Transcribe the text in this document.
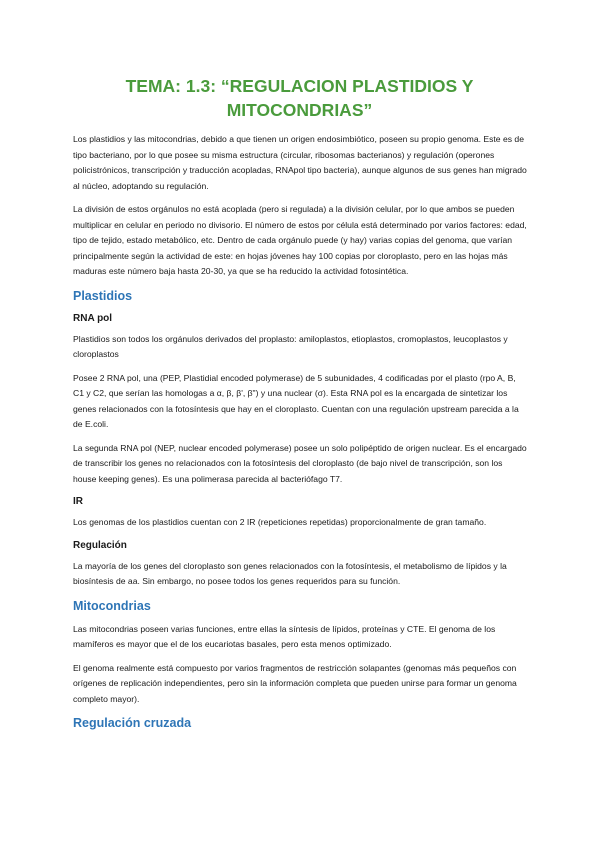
TEMA: 1.3: “REGULACION PLASTIDIOS Y MITOCONDRIAS”

Los plastidios y las mitocondrias, debido a que tienen un origen endosimbiótico, poseen su propio genoma. Este es de tipo bacteriano, por lo que posee su misma estructura (circular, ribosomas bacterianos) y regulación (operones policistrónicos, transcripción y traducción acopladas, RNApol tipo bacteria), aunque algunos de sus genes han migrado al núcleo, adoptando su regulación.

La división de estos orgánulos no está acoplada (pero si regulada) a la división celular, por lo que ambos se pueden multiplicar en celular en periodo no divisorio. El número de estos por célula está determinado por varios factores: edad, tipo de tejido, estado metabólico, etc. Dentro de cada orgánulo puede (y hay) varias copias del genoma, que varían principalmente según la actividad de este: en hojas jóvenes hay 100 copias por cloroplasto, pero en las hojas más maduras este número baja hasta 20-30, ya que se ha reducido la actividad fotosintética.

Plastidios
RNA pol

Plastidios son todos los orgánulos derivados del proplasto: amiloplastos, etioplastos, cromoplastos, leucoplastos y cloroplastos

Posee 2 RNA pol, una (PEP, Plastidial encoded polymerase) de 5 subunidades, 4 codificadas por el plasto (rpo A, B, C1 y C2, que serían las homologas a α, β, β', β") y una nuclear (σ). Esta RNA pol es la encargada de sintetizar los genes relacionados con la fotosíntesis que hay en el cloroplasto. Cuentan con una regulación upstream parecida a la de E.coli.

La segunda RNA pol (NEP, nuclear encoded polymerase) posee un solo polipéptido de origen nuclear. Es el encargado de transcribir los genes no relacionados con la fotosíntesis del cloroplasto (de bajo nivel de transcripción, son los house keeping genes). Es una polimerasa parecida al bacteriófago T7.

IR

Los genomas de los plastidios cuentan con 2 IR (repeticiones repetidas) proporcionalmente de gran tamaño.

Regulación

La mayoría de los genes del cloroplasto son genes relacionados con la fotosíntesis, el metabolismo de lípidos y la biosíntesis de aa. Sin embargo, no posee todos los genes requeridos para su función.

Mitocondrias

Las mitocondrias poseen varias funciones, entre ellas la síntesis de lípidos, proteínas y CTE. El genoma de los mamíferos es mayor que el de los eucariotas basales, pero esta menos optimizado.

El genoma realmente está compuesto por varios fragmentos de restricción solapantes (genomas más pequeños con orígenes de replicación independientes, pero sin la información completa que pueden unirse para formar un genoma completo mayor).

Regulación cruzada
